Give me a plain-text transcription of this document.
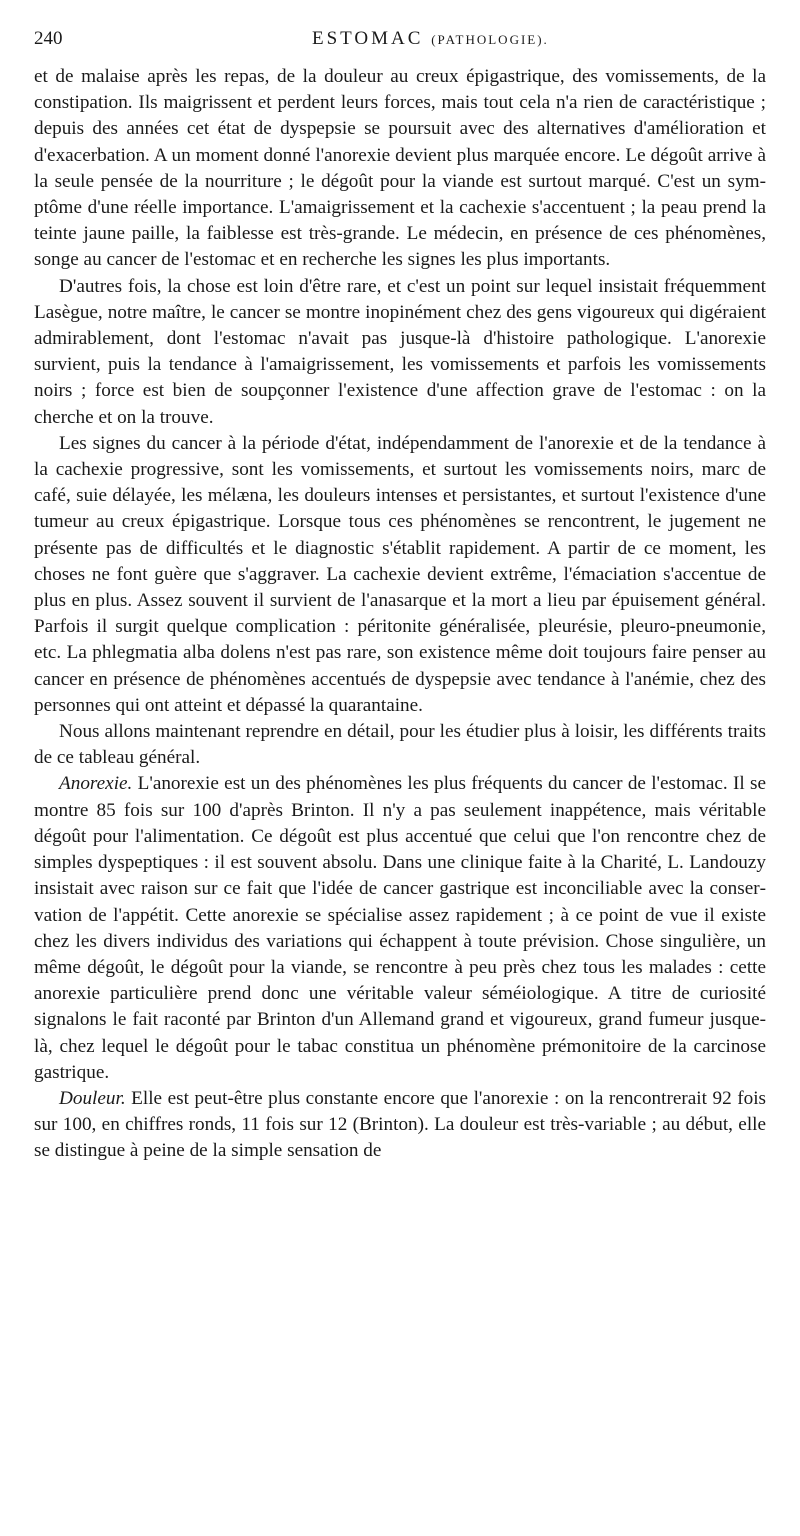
240	ESTOMAC (PATHOLOGIE).

et de malaise après les repas, de la douleur au creux épigastrique, des vomissements, de la constipation. Ils maigrissent et perdent leurs forces, mais tout cela n'a rien de caractéristique ; depuis des années cet état de dyspepsie se poursuit avec des alternatives d'amélioration et d'exacerbation. A un moment donné l'anorexie devient plus marquée encore. Le dégoût arrive à la seule pensée de la nourriture ; le dégoût pour la viande est surtout marqué. C'est un symptôme d'une réelle importance. L'amaigrissement et la cachexie s'accentuent ; la peau prend la teinte jaune paille, la faiblesse est très-grande. Le médecin, en présence de ces phénomènes, songe au cancer de l'estomac et en recherche les signes les plus importants.

D'autres fois, la chose est loin d'être rare, et c'est un point sur lequel insistait fréquemment Lasègue, notre maître, le cancer se montre inopinément chez des gens vigoureux qui digéraient admirablement, dont l'estomac n'avait pas jusque-là d'histoire pathologique. L'anorexie survient, puis la tendance à l'amaigrissement, les vomissements et parfois les vomissements noirs ; force est bien de soupçonner l'existence d'une affection grave de l'estomac : on la cherche et on la trouve.

Les signes du cancer à la période d'état, indépendamment de l'anorexie et de la tendance à la cachexie progressive, sont les vomissements, et surtout les vomissements noirs, marc de café, suie délayée, les mélæna, les douleurs intenses et persistantes, et surtout l'existence d'une tumeur au creux épigastrique. Lorsque tous ces phénomènes se rencontrent, le jugement ne présente pas de difficultés et le diagnostic s'établit rapidement. A partir de ce moment, les choses ne font guère que s'aggraver. La cachexie devient extrême, l'émaciation s'accentue de plus en plus. Assez souvent il survient de l'anasarque et la mort a lieu par épuisement général. Parfois il surgit quelque complication : péritonite généralisée, pleurésie, pleuro-pneumonie, etc. La phlegmatia alba dolens n'est pas rare, son existence même doit toujours faire penser au cancer en présence de phénomènes accentués de dyspepsie avec tendance à l'anémie, chez des personnes qui ont atteint et dépassé la quarantaine.

Nous allons maintenant reprendre en détail, pour les étudier plus à loisir, les différents traits de ce tableau général.

Anorexie. L'anorexie est un des phénomènes les plus fréquents du cancer de l'estomac. Il se montre 85 fois sur 100 d'après Brinton. Il n'y a pas seulement inappétence, mais véritable dégoût pour l'alimentation. Ce dégoût est plus accentué que celui que l'on rencontre chez de simples dyspeptiques : il est souvent absolu. Dans une clinique faite à la Charité, L. Landouzy insistait avec raison sur ce fait que l'idée de cancer gastrique est inconciliable avec la conservation de l'appétit. Cette anorexie se spécialise assez rapidement ; à ce point de vue il existe chez les divers individus des variations qui échappent à toute prévision. Chose singulière, un même dégoût, le dégoût pour la viande, se rencontre à peu près chez tous les malades : cette anorexie particulière prend donc une véritable valeur séméiologique. A titre de curiosité signalons le fait raconté par Brinton d'un Allemand grand et vigoureux, grand fumeur jusque-là, chez lequel le dégoût pour le tabac constitua un phénomène prémonitoire de la carcinose gastrique.

Douleur. Elle est peut-être plus constante encore que l'anorexie : on la rencontrerait 92 fois sur 100, en chiffres ronds, 11 fois sur 12 (Brinton). La douleur est très-variable ; au début, elle se distingue à peine de la simple sensation de
